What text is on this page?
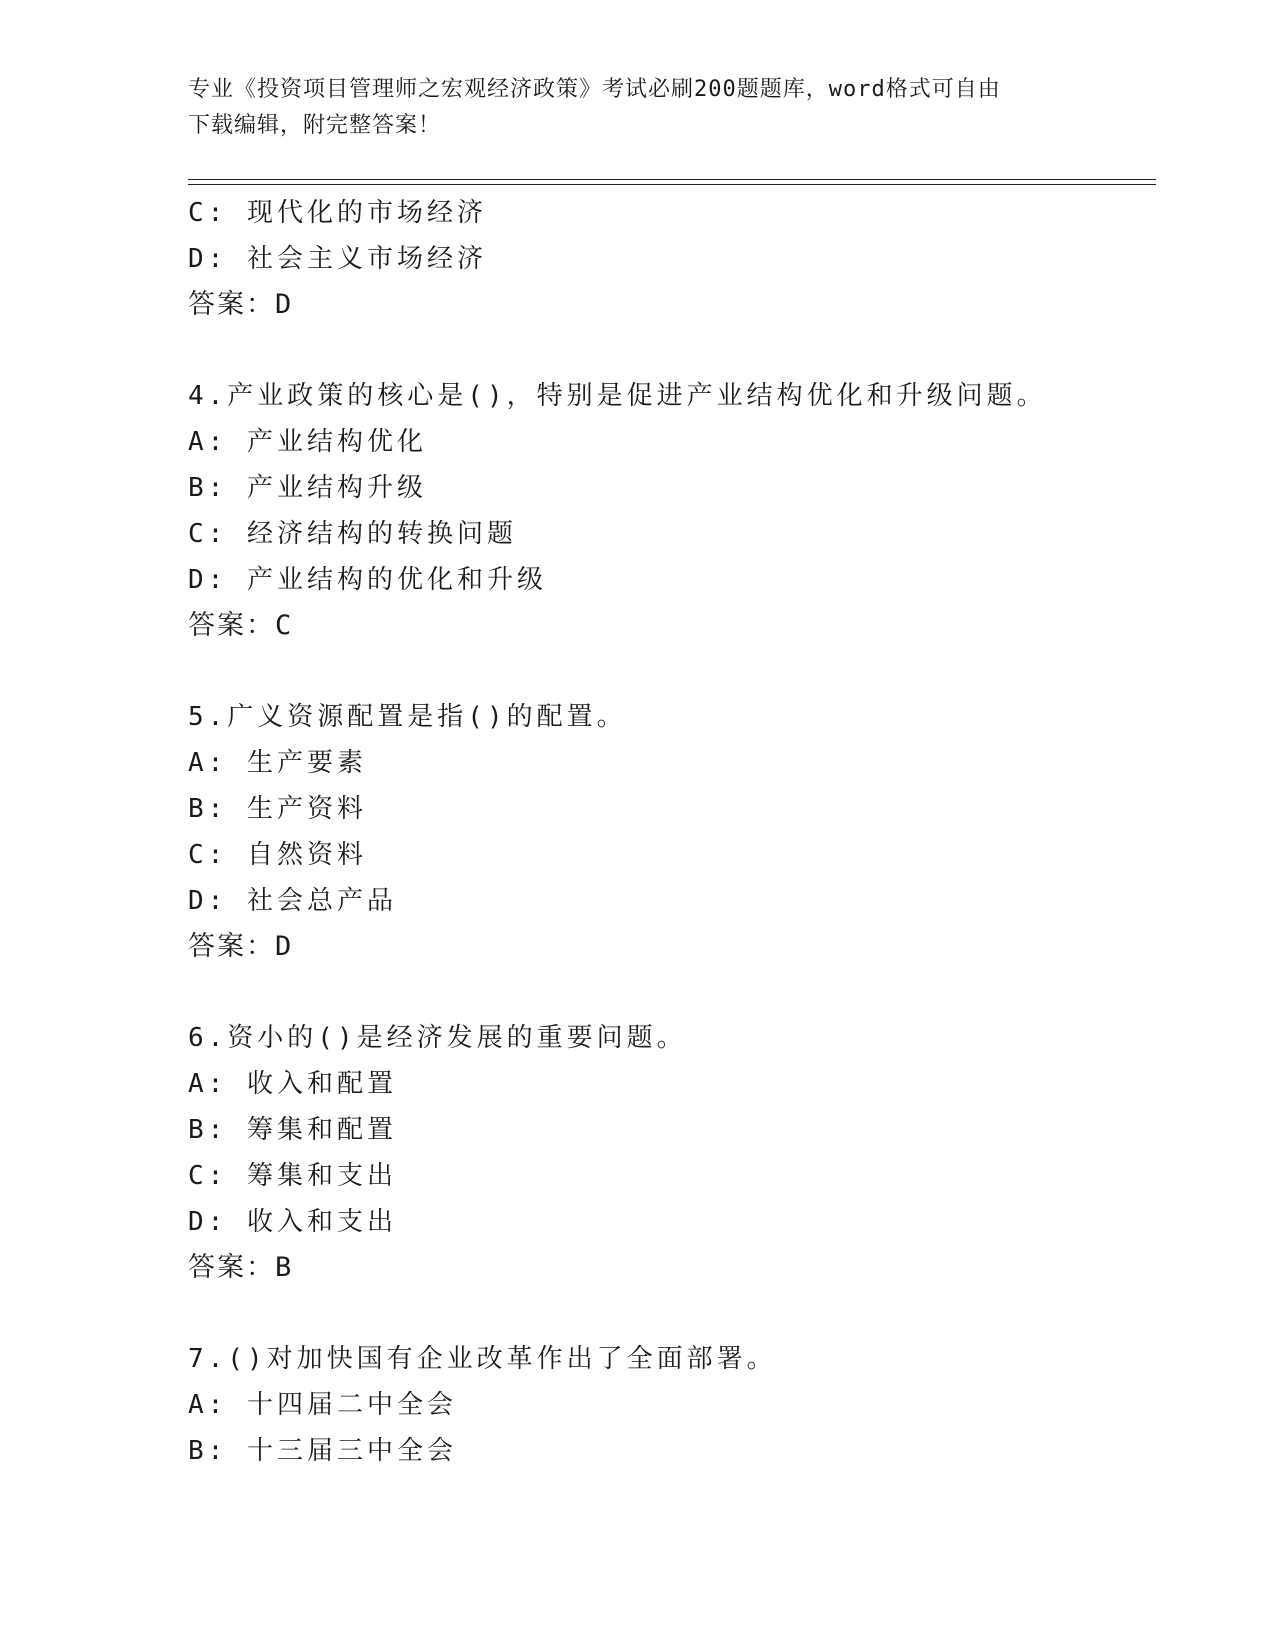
专业《投资项目管理师之宏观经济政策》考试必刷200题题库，word格式可自由
下载编辑，附完整答案！
C: 现代化的市场经济
D: 社会主义市场经济
答案：D
4.产业政策的核心是()，特别是促进产业结构优化和升级问题。
A: 产业结构优化
B: 产业结构升级
C: 经济结构的转换问题
D: 产业结构的优化和升级
答案：C
5.广义资源配置是指()的配置。
A: 生产要素
B: 生产资料
C: 自然资料
D: 社会总产品
答案：D
6.资小的()是经济发展的重要问题。
A: 收入和配置
B: 筹集和配置
C: 筹集和支出
D: 收入和支出
答案：B
7.()对加快国有企业改革作出了全面部署。
A: 十四届二中全会
B: 十三届三中全会
